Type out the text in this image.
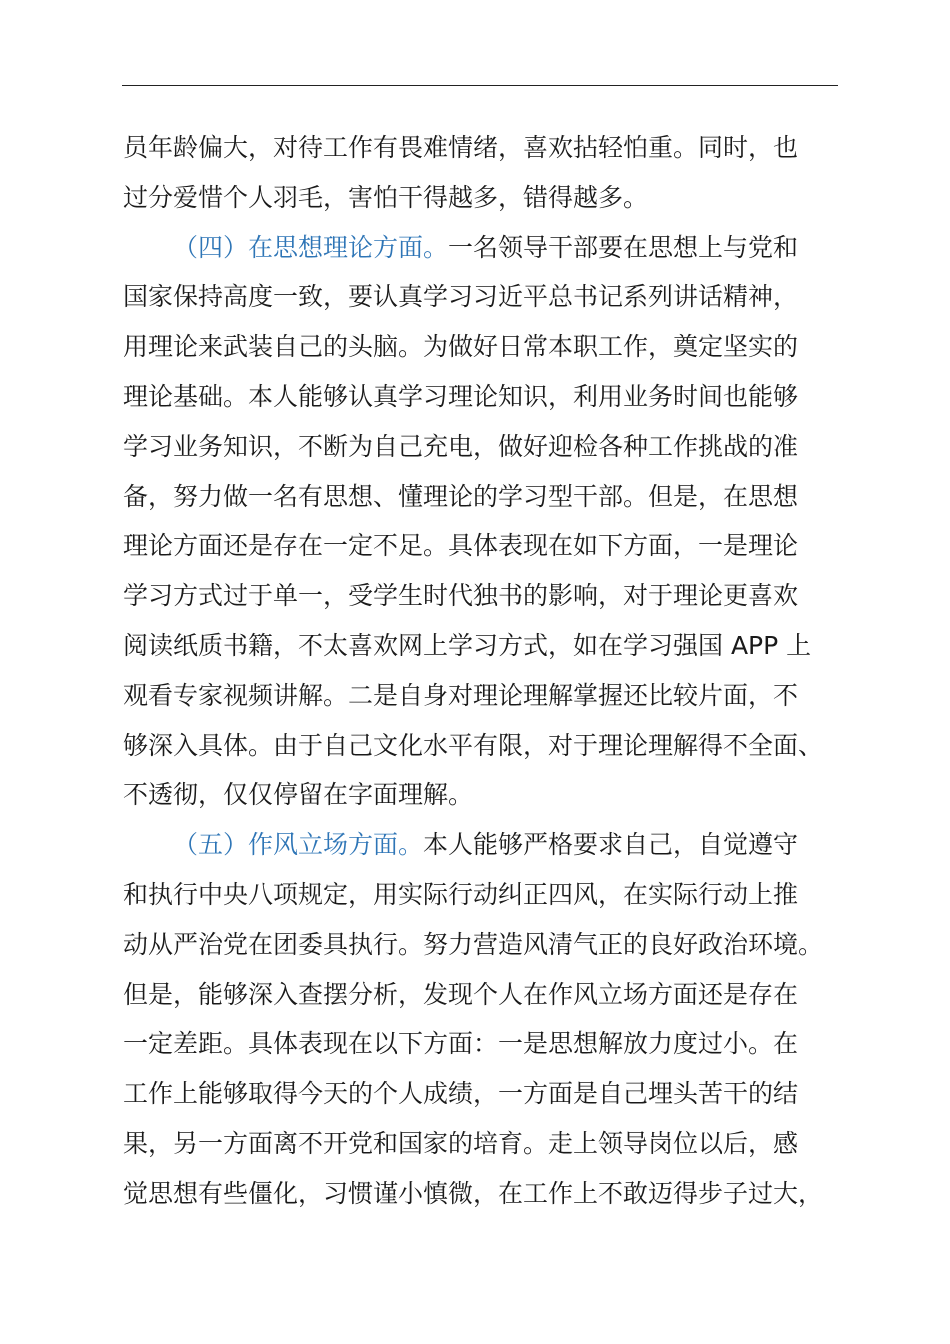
员年龄偏大，对待工作有畏难情绪，喜欢拈轻怕重。同时，也
过分爱惜个人羽毛，害怕干得越多，错得越多。
（四）在思想理论方面。一名领导干部要在思想上与党和
国家保持高度一致，要认真学习习近平总书记系列讲话精神，
用理论来武装自己的头脑。为做好日常本职工作，奠定坚实的
理论基础。本人能够认真学习理论知识，利用业务时间也能够
学习业务知识，不断为自己充电，做好迎检各种工作挑战的准
备，努力做一名有思想、懂理论的学习型干部。但是，在思想
理论方面还是存在一定不足。具体表现在如下方面，一是理论
学习方式过于单一，受学生时代独书的影响，对于理论更喜欢
阅读纸质书籍，不太喜欢网上学习方式，如在学习强国 APP 上
观看专家视频讲解。二是自身对理论理解掌握还比较片面，不
够深入具体。由于自己文化水平有限，对于理论理解得不全面、
不透彻，仅仅停留在字面理解。
（五）作风立场方面。本人能够严格要求自己，自觉遵守
和执行中央八项规定，用实际行动纠正四风，在实际行动上推
动从严治党在团委具执行。努力营造风清气正的良好政治环境。
但是，能够深入查摆分析，发现个人在作风立场方面还是存在
一定差距。具体表现在以下方面：一是思想解放力度过小。在
工作上能够取得今天的个人成绩，一方面是自己埋头苦干的结
果，另一方面离不开党和国家的培育。走上领导岗位以后，感
觉思想有些僵化，习惯谨小慎微，在工作上不敢迈得步子过大，
